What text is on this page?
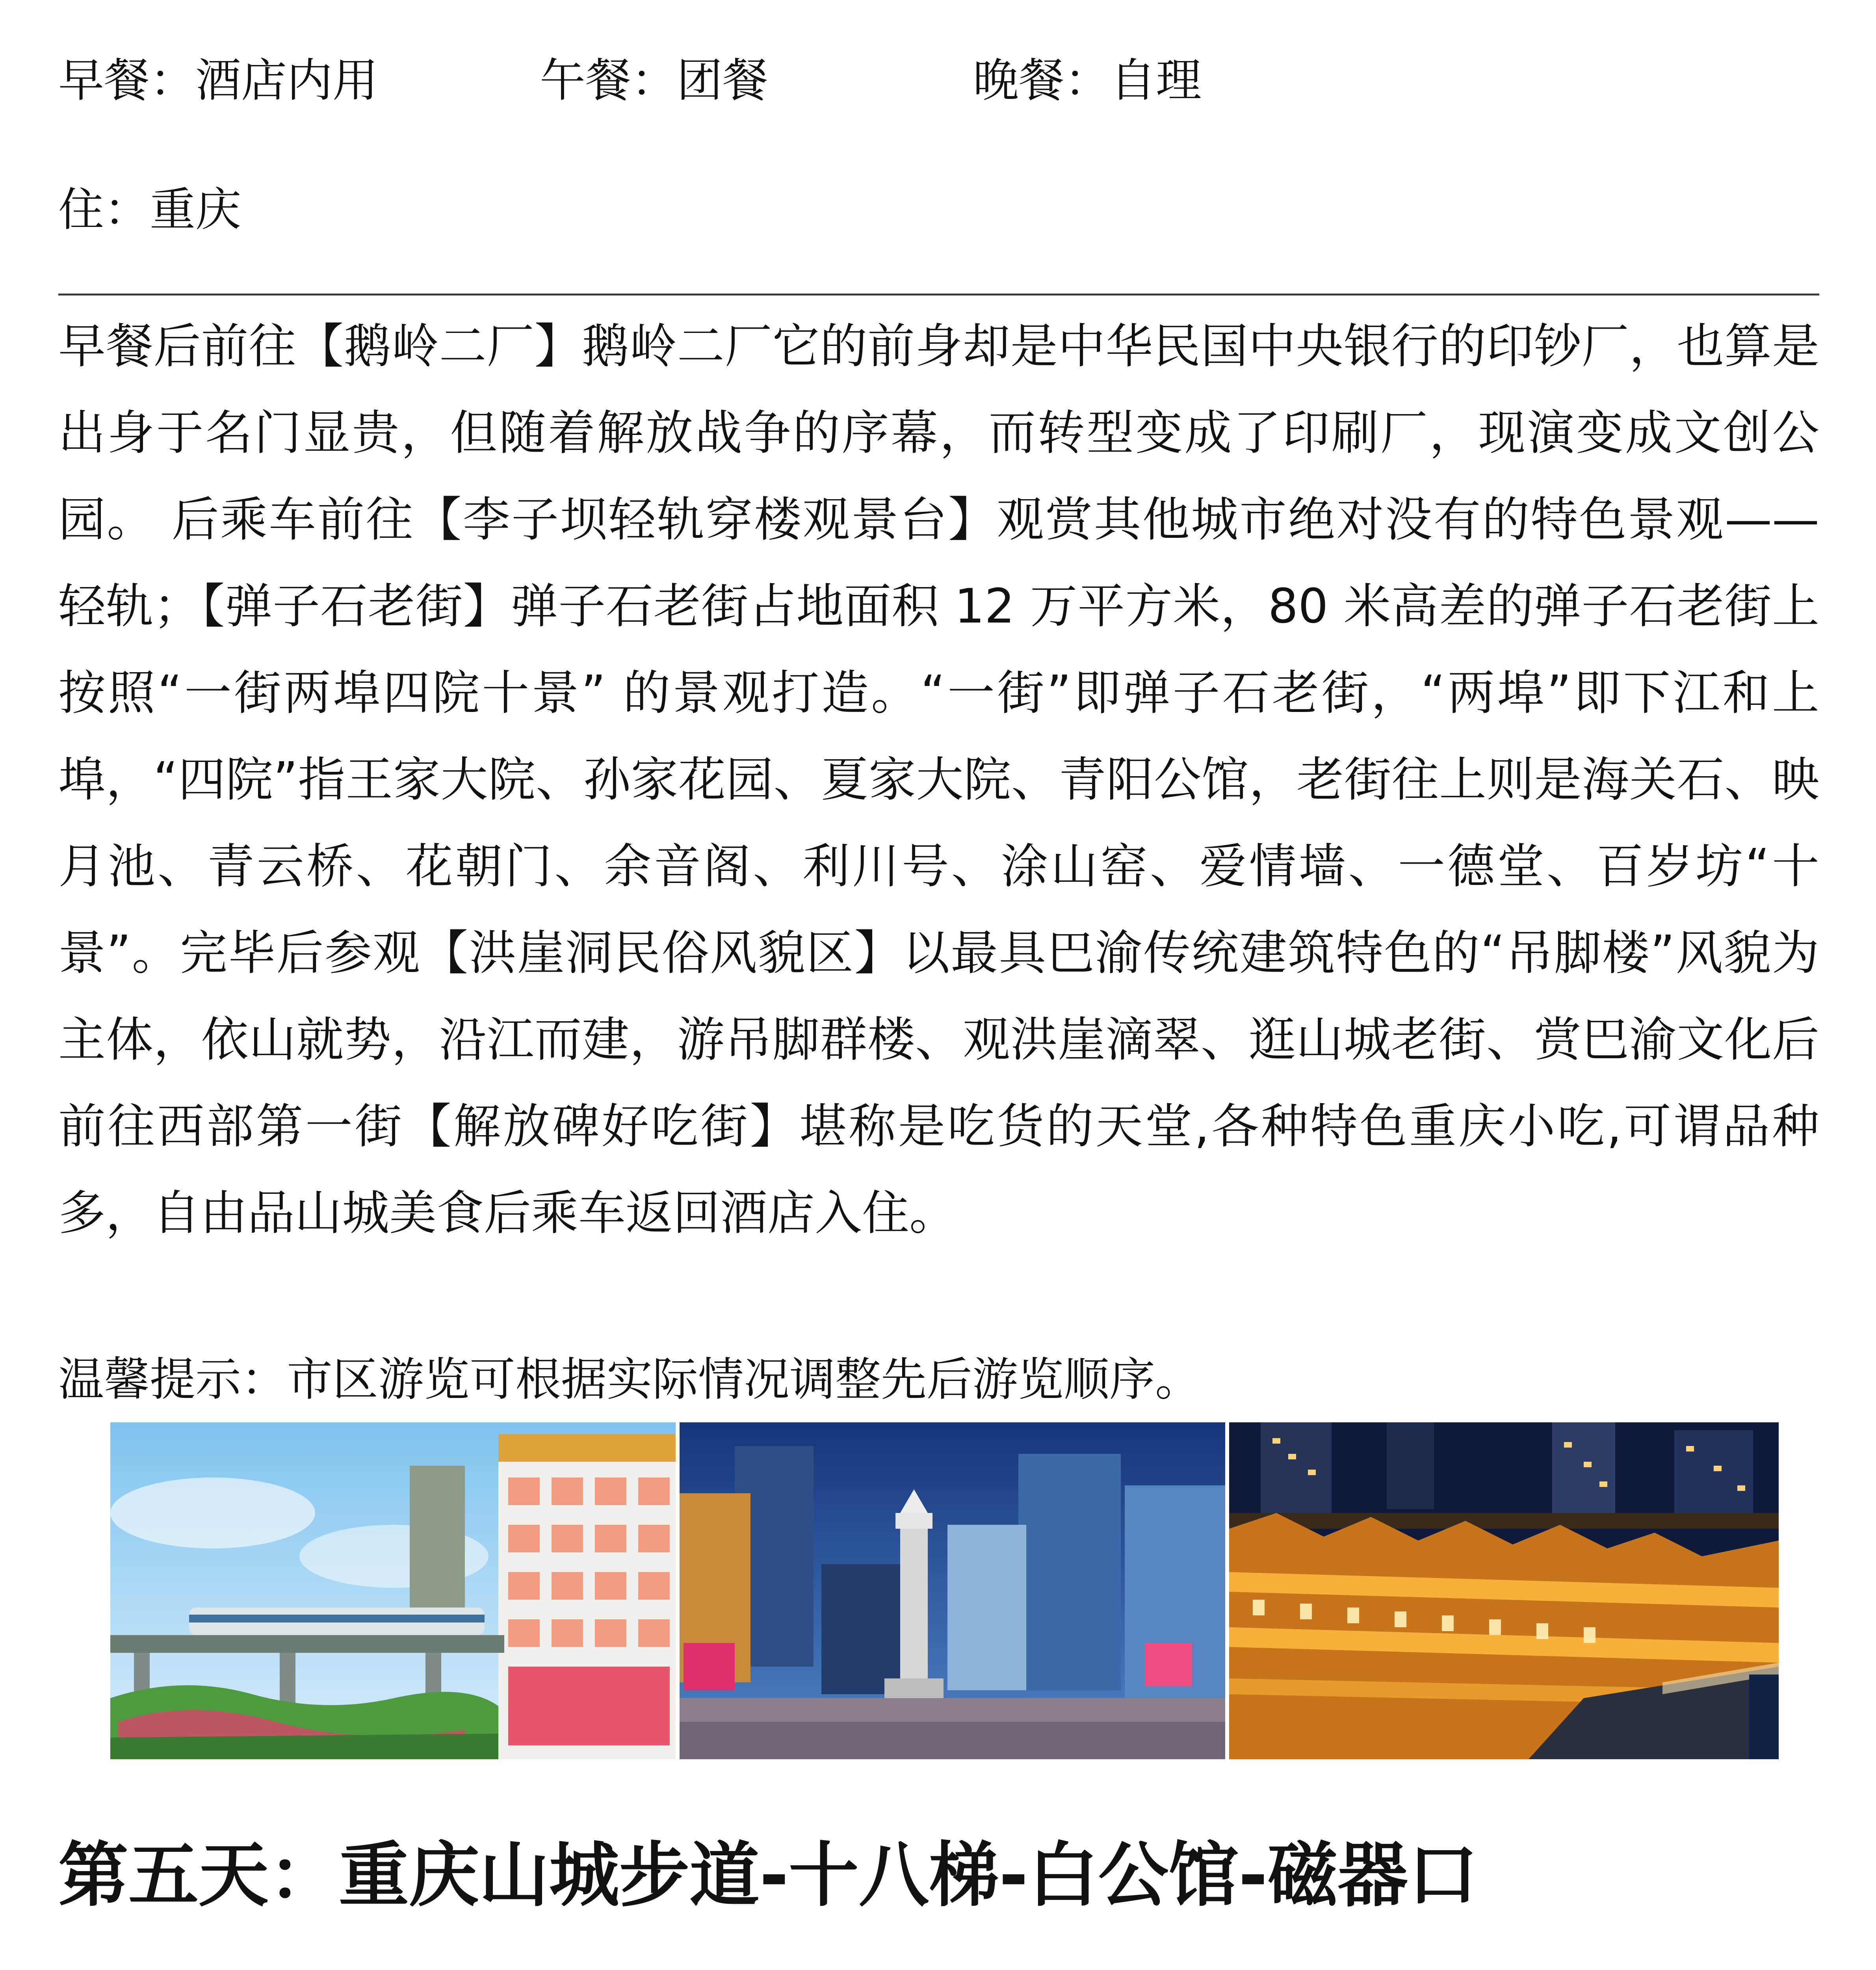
早餐：酒店内用	午餐：团餐	晚餐：自理
住：重庆

早餐后前往【鹅岭二厂】鹅岭二厂它的前身却是中华民国中央银行的印钞厂，也算是出身于名门显贵，但随着解放战争的序幕，而转型变成了印刷厂，现演变成文创公园。 后乘车前往【李子坝轻轨穿楼观景台】观赏其他城市绝对没有的特色景观——轻轨；【弹子石老街】弹子石老街占地面积 12 万平方米，80 米高差的弹子石老街上按照“一街两埠四院十景” 的景观打造。“一街”即弹子石老街，“两埠”即下江和上埠，“四院”指王家大院、孙家花园、夏家大院、青阳公馆，老街往上则是海关石、映月池、青云桥、花朝门、余音阁、利川号、涂山窑、爱情墙、一德堂、百岁坊“十景”。完毕后参观【洪崖洞民俗风貌区】以最具巴渝传统建筑特色的“吊脚楼”风貌为主体，依山就势，沿江而建，游吊脚群楼、观洪崖滴翠、逛山城老街、赏巴渝文化后前往西部第一街【解放碑好吃街】堪称是吃货的天堂,各种特色重庆小吃,可谓品种多，自由品山城美食后乘车返回酒店入住。

温馨提示：市区游览可根据实际情况调整先后游览顺序。
第五天：重庆山城步道-十八梯-白公馆-磁器口
